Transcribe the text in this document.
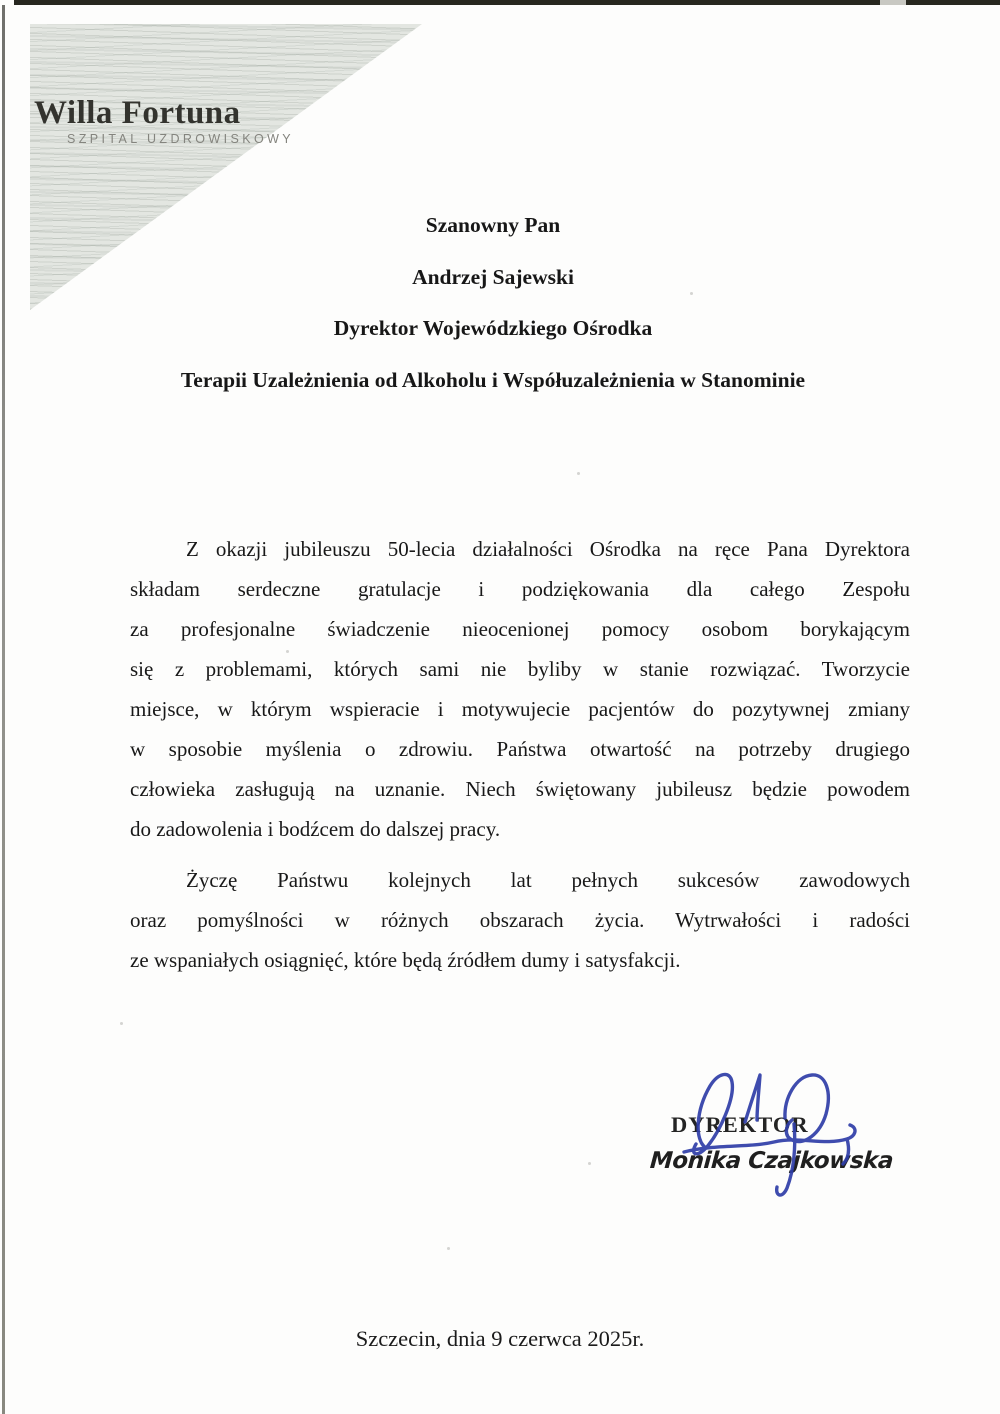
Willa Fortuna
SZPITAL UZDROWISKOWY
Szanowny Pan
Andrzej Sajewski
Dyrektor Wojewódzkiego Ośrodka
Terapii Uzależnienia od Alkoholu i Współuzależnienia w Stanominie
Z okazji jubileuszu 50-lecia działalności Ośrodka na ręce Pana Dyrektora
składam serdeczne gratulacje i podziękowania dla całego Zespołu
za profesjonalne świadczenie nieocenionej pomocy osobom borykającym
się z problemami, których sami nie byliby w stanie rozwiązać. Tworzycie
miejsce, w którym wspieracie i motywujecie pacjentów do pozytywnej zmiany
w sposobie myślenia o zdrowiu. Państwa otwartość na potrzeby drugiego
człowieka zasługują na uznanie. Niech świętowany jubileusz będzie powodem
do zadowolenia i bodźcem do dalszej pracy.
Życzę Państwu kolejnych lat pełnych sukcesów zawodowych
oraz pomyślności w różnych obszarach życia. Wytrwałości i radości
ze wspaniałych osiągnięć, które będą źródłem dumy i satysfakcji.
DYREKTOR
Monika Czajkowska
Szczecin, dnia 9 czerwca 2025r.
